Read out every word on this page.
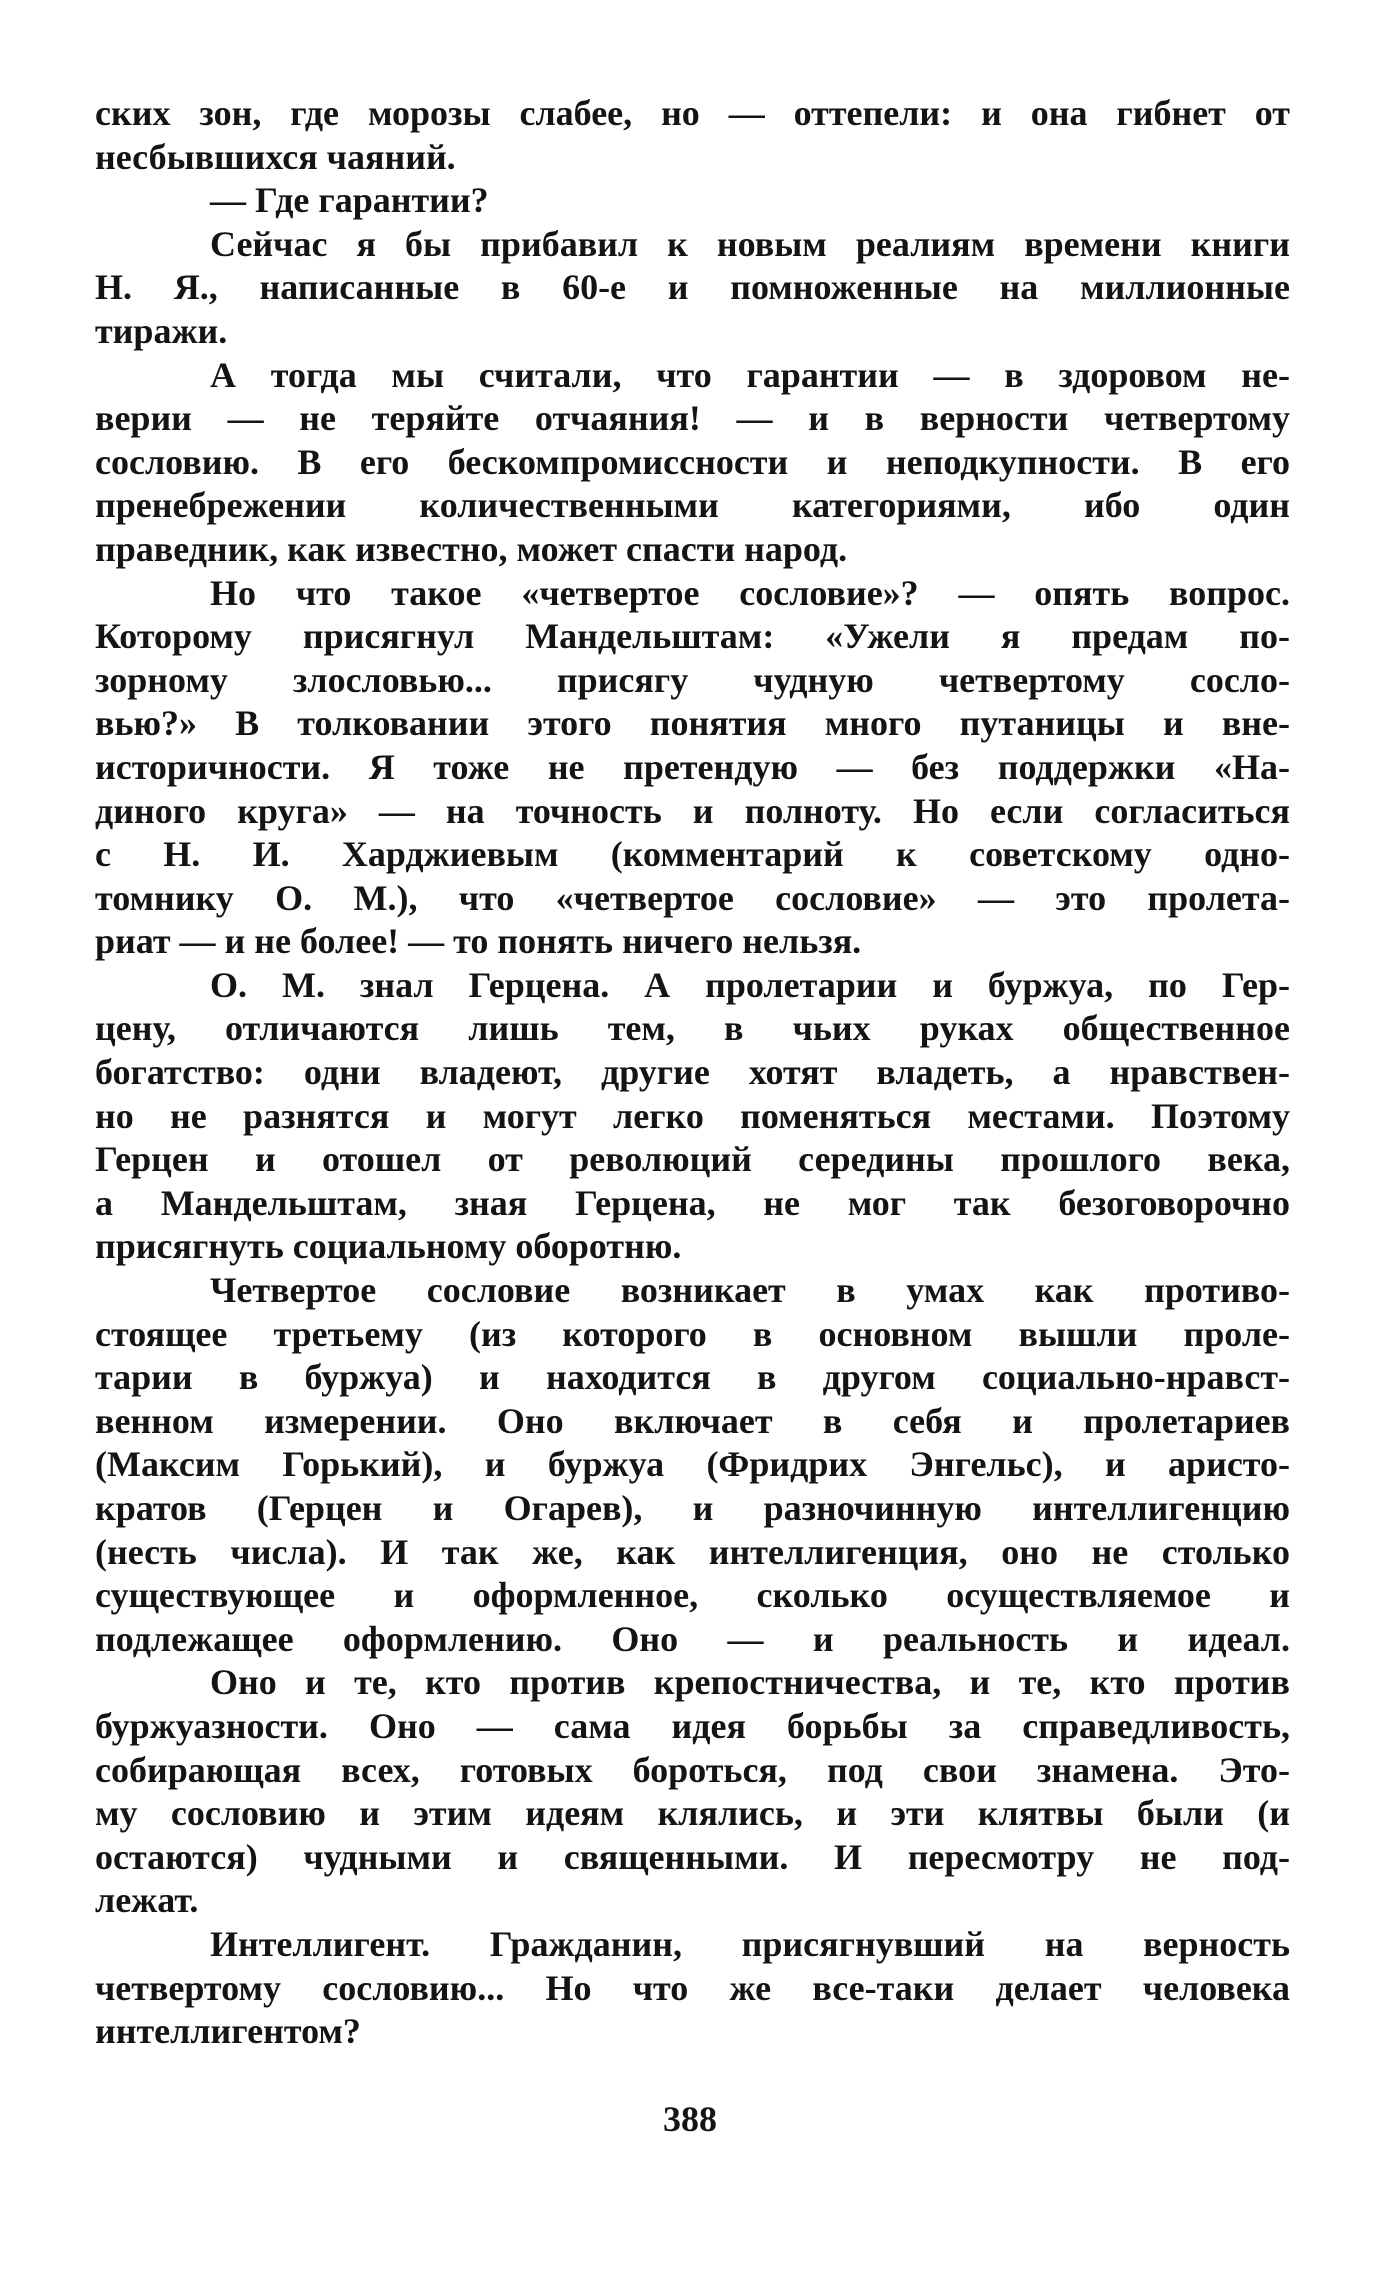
ских зон, где морозы слабее, но — оттепели: и она гибнет от
несбывшихся чаяний.
— Где гарантии?
Сейчас я бы прибавил к новым реалиям времени книги
Н. Я., написанные в 60-е и помноженные на миллионные
тиражи.
А тогда мы считали, что гарантии — в здоровом не-
верии — не теряйте отчаяния! — и в верности четвертому
сословию. В его бескомпромиссности и неподкупности. В его
пренебрежении количественными категориями, ибо один
праведник, как известно, может спасти народ.
Но что такое «четвертое сословие»? — опять вопрос.
Которому присягнул Мандельштам: «Ужели я предам по-
зорному злословью... присягу чудную четвертому сосло-
вью?» В толковании этого понятия много путаницы и вне-
историчности. Я тоже не претендую — без поддержки «На-
диного круга» — на точность и полноту. Но если согласиться
с Н. И. Харджиевым (комментарий к советскому одно-
томнику О. М.), что «четвертое сословие» — это пролета-
риат — и не более! — то понять ничего нельзя.
О. М. знал Герцена. А пролетарии и буржуа, по Гер-
цену, отличаются лишь тем, в чьих руках общественное
богатство: одни владеют, другие хотят владеть, а нравствен-
но не разнятся и могут легко поменяться местами. Поэтому
Герцен и отошел от революций середины прошлого века,
а Мандельштам, зная Герцена, не мог так безоговорочно
присягнуть социальному оборотню.
Четвертое сословие возникает в умах как противо-
стоящее третьему (из которого в основном вышли проле-
тарии в буржуа) и находится в другом социально-нравст-
венном измерении. Оно включает в себя и пролетариев
(Максим Горький), и буржуа (Фридрих Энгельс), и аристо-
кратов (Герцен и Огарев), и разночинную интеллигенцию
(несть числа). И так же, как интеллигенция, оно не столько
существующее и оформленное, сколько осуществляемое и
подлежащее оформлению. Оно — и реальность и идеал.
Оно и те, кто против крепостничества, и те, кто против
буржуазности. Оно — сама идея борьбы за справедливость,
собирающая всех, готовых бороться, под свои знамена. Это-
му сословию и этим идеям клялись, и эти клятвы были (и
остаются) чудными и священными. И пересмотру не под-
лежат.
Интеллигент. Гражданин, присягнувший на верность
четвертому сословию... Но что же все-таки делает человека
интеллигентом?
388
